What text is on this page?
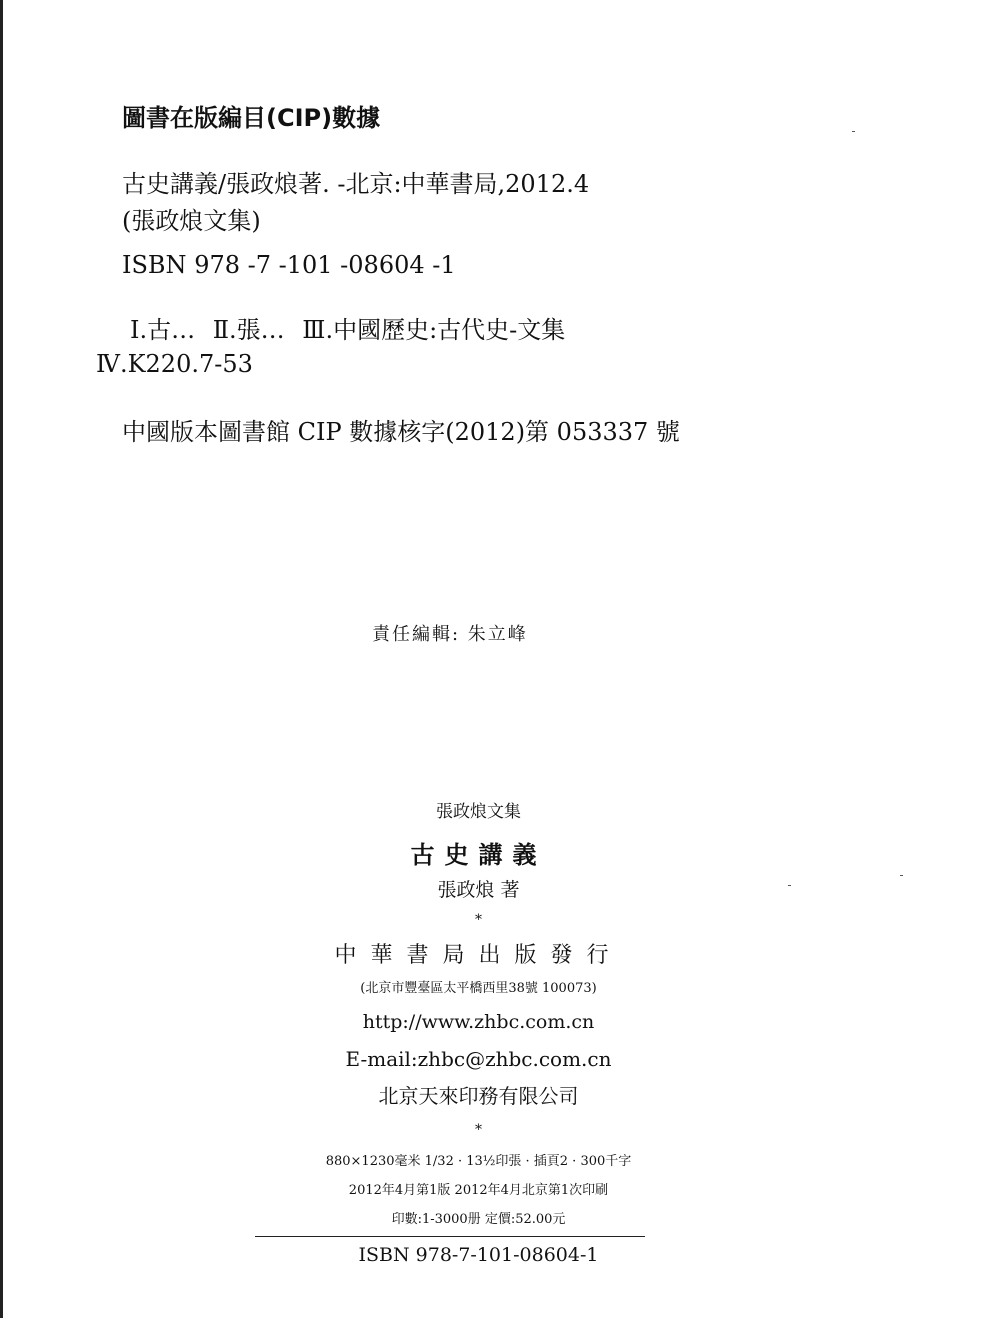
圖書在版編目(CIP)數據
古史講義/張政烺著. -北京:中華書局,2012.4
(張政烺文集)
ISBN 978 -7 -101 -08604 -1
Ⅰ.古… Ⅱ.張… Ⅲ.中國歷史:古代史-文集
Ⅳ.K220.7-53
中國版本圖書館 CIP 數據核字(2012)第 053337 號
責任編輯: 朱立峰
張政烺文集
古史講義
張政烺 著
*
中華書局出版發行
(北京市豐臺區太平橋西里38號 100073)
http://www.zhbc.com.cn
E-mail:zhbc@zhbc.com.cn
北京天來印務有限公司
*
880×1230毫米 1/32 · 13½印張 · 插頁2 · 300千字
2012年4月第1版 2012年4月北京第1次印刷
印數:1-3000册 定價:52.00元
ISBN 978-7-101-08604-1
